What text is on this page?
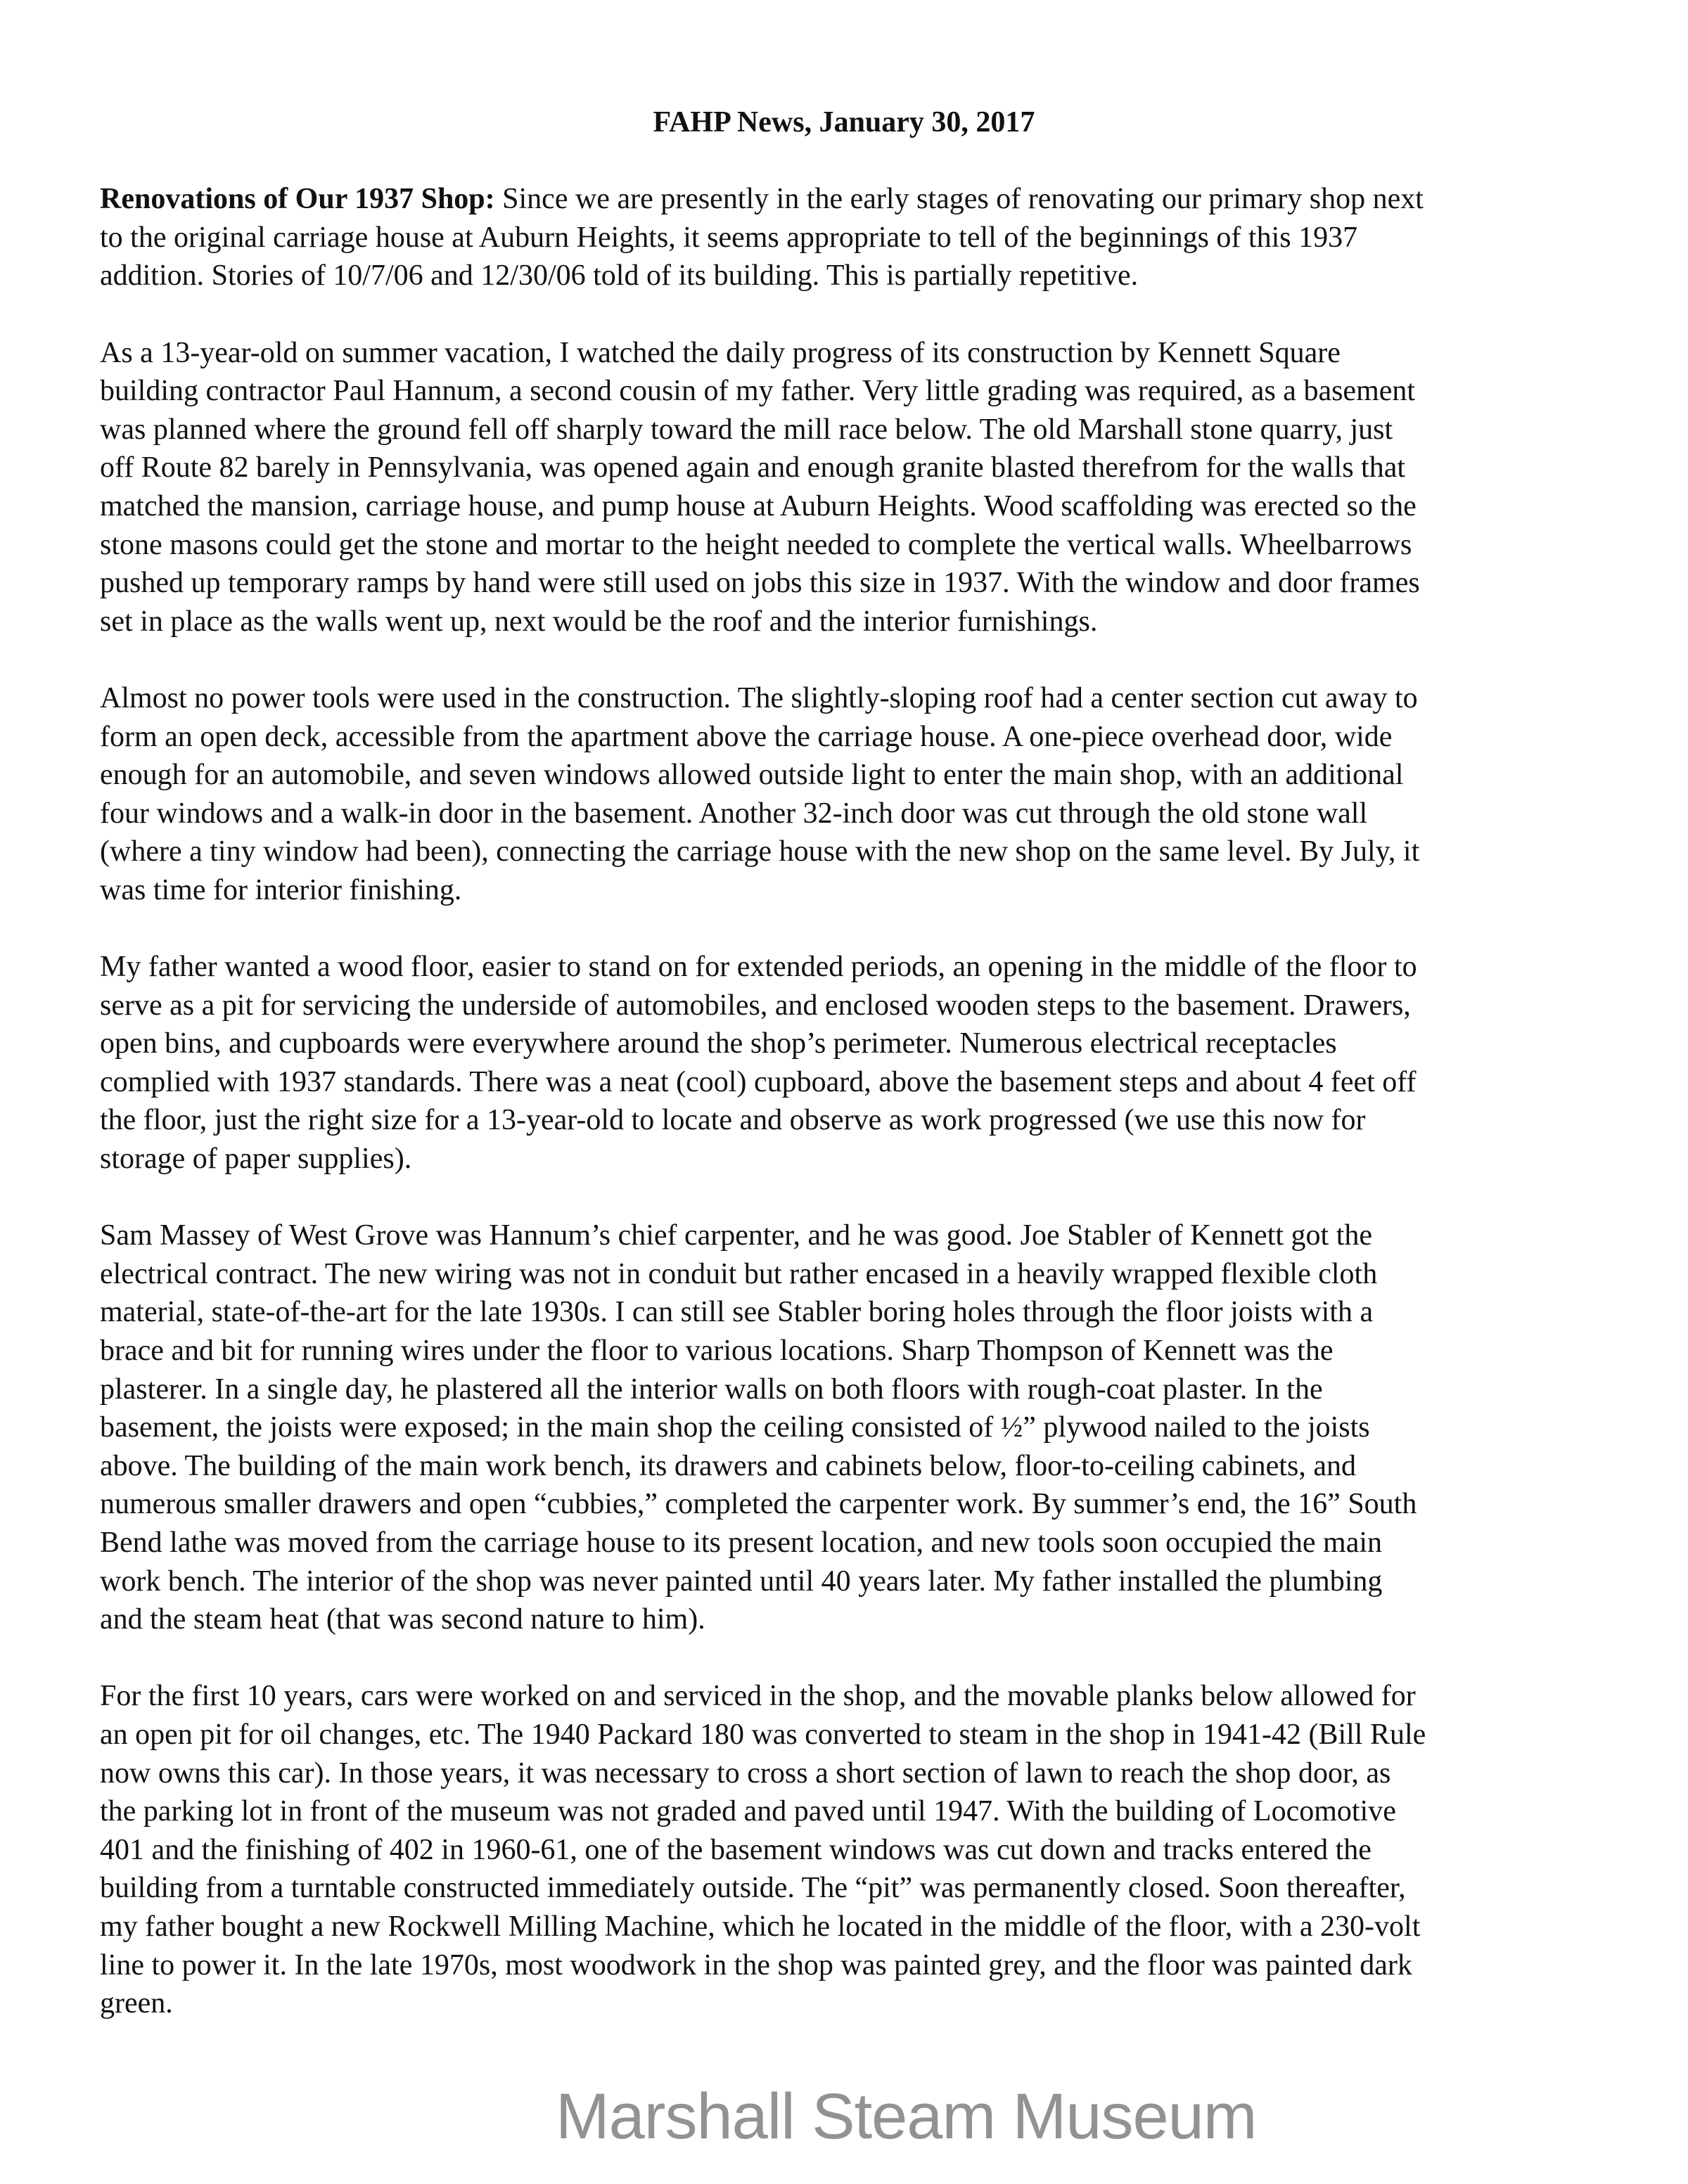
FAHP News, January 30, 2017

Renovations of Our 1937 Shop: Since we are presently in the early stages of renovating our primary shop next
to the original carriage house at Auburn Heights, it seems appropriate to tell of the beginnings of this 1937
addition. Stories of 10/7/06 and 12/30/06 told of its building. This is partially repetitive.

As a 13-year-old on summer vacation, I watched the daily progress of its construction by Kennett Square
building contractor Paul Hannum, a second cousin of my father. Very little grading was required, as a basement
was planned where the ground fell off sharply toward the mill race below. The old Marshall stone quarry, just
off Route 82 barely in Pennsylvania, was opened again and enough granite blasted therefrom for the walls that
matched the mansion, carriage house, and pump house at Auburn Heights. Wood scaffolding was erected so the
stone masons could get the stone and mortar to the height needed to complete the vertical walls. Wheelbarrows
pushed up temporary ramps by hand were still used on jobs this size in 1937. With the window and door frames
set in place as the walls went up, next would be the roof and the interior furnishings.

Almost no power tools were used in the construction. The slightly-sloping roof had a center section cut away to
form an open deck, accessible from the apartment above the carriage house. A one-piece overhead door, wide
enough for an automobile, and seven windows allowed outside light to enter the main shop, with an additional
four windows and a walk-in door in the basement. Another 32-inch door was cut through the old stone wall
(where a tiny window had been), connecting the carriage house with the new shop on the same level. By July, it
was time for interior finishing.

My father wanted a wood floor, easier to stand on for extended periods, an opening in the middle of the floor to
serve as a pit for servicing the underside of automobiles, and enclosed wooden steps to the basement. Drawers,
open bins, and cupboards were everywhere around the shop’s perimeter. Numerous electrical receptacles
complied with 1937 standards. There was a neat (cool) cupboard, above the basement steps and about 4 feet off
the floor, just the right size for a 13-year-old to locate and observe as work progressed (we use this now for
storage of paper supplies).

Sam Massey of West Grove was Hannum’s chief carpenter, and he was good. Joe Stabler of Kennett got the
electrical contract. The new wiring was not in conduit but rather encased in a heavily wrapped flexible cloth
material, state-of-the-art for the late 1930s. I can still see Stabler boring holes through the floor joists with a
brace and bit for running wires under the floor to various locations. Sharp Thompson of Kennett was the
plasterer. In a single day, he plastered all the interior walls on both floors with rough-coat plaster. In the
basement, the joists were exposed; in the main shop the ceiling consisted of ½” plywood nailed to the joists
above. The building of the main work bench, its drawers and cabinets below, floor-to-ceiling cabinets, and
numerous smaller drawers and open “cubbies,” completed the carpenter work. By summer’s end, the 16” South
Bend lathe was moved from the carriage house to its present location, and new tools soon occupied the main
work bench. The interior of the shop was never painted until 40 years later. My father installed the plumbing
and the steam heat (that was second nature to him).

For the first 10 years, cars were worked on and serviced in the shop, and the movable planks below allowed for
an open pit for oil changes, etc. The 1940 Packard 180 was converted to steam in the shop in 1941-42 (Bill Rule
now owns this car). In those years, it was necessary to cross a short section of lawn to reach the shop door, as
the parking lot in front of the museum was not graded and paved until 1947. With the building of Locomotive
401 and the finishing of 402 in 1960-61, one of the basement windows was cut down and tracks entered the
building from a turntable constructed immediately outside. The “pit” was permanently closed. Soon thereafter,
my father bought a new Rockwell Milling Machine, which he located in the middle of the floor, with a 230-volt
line to power it. In the late 1970s, most woodwork in the shop was painted grey, and the floor was painted dark
green.

Marshall Steam Museum
